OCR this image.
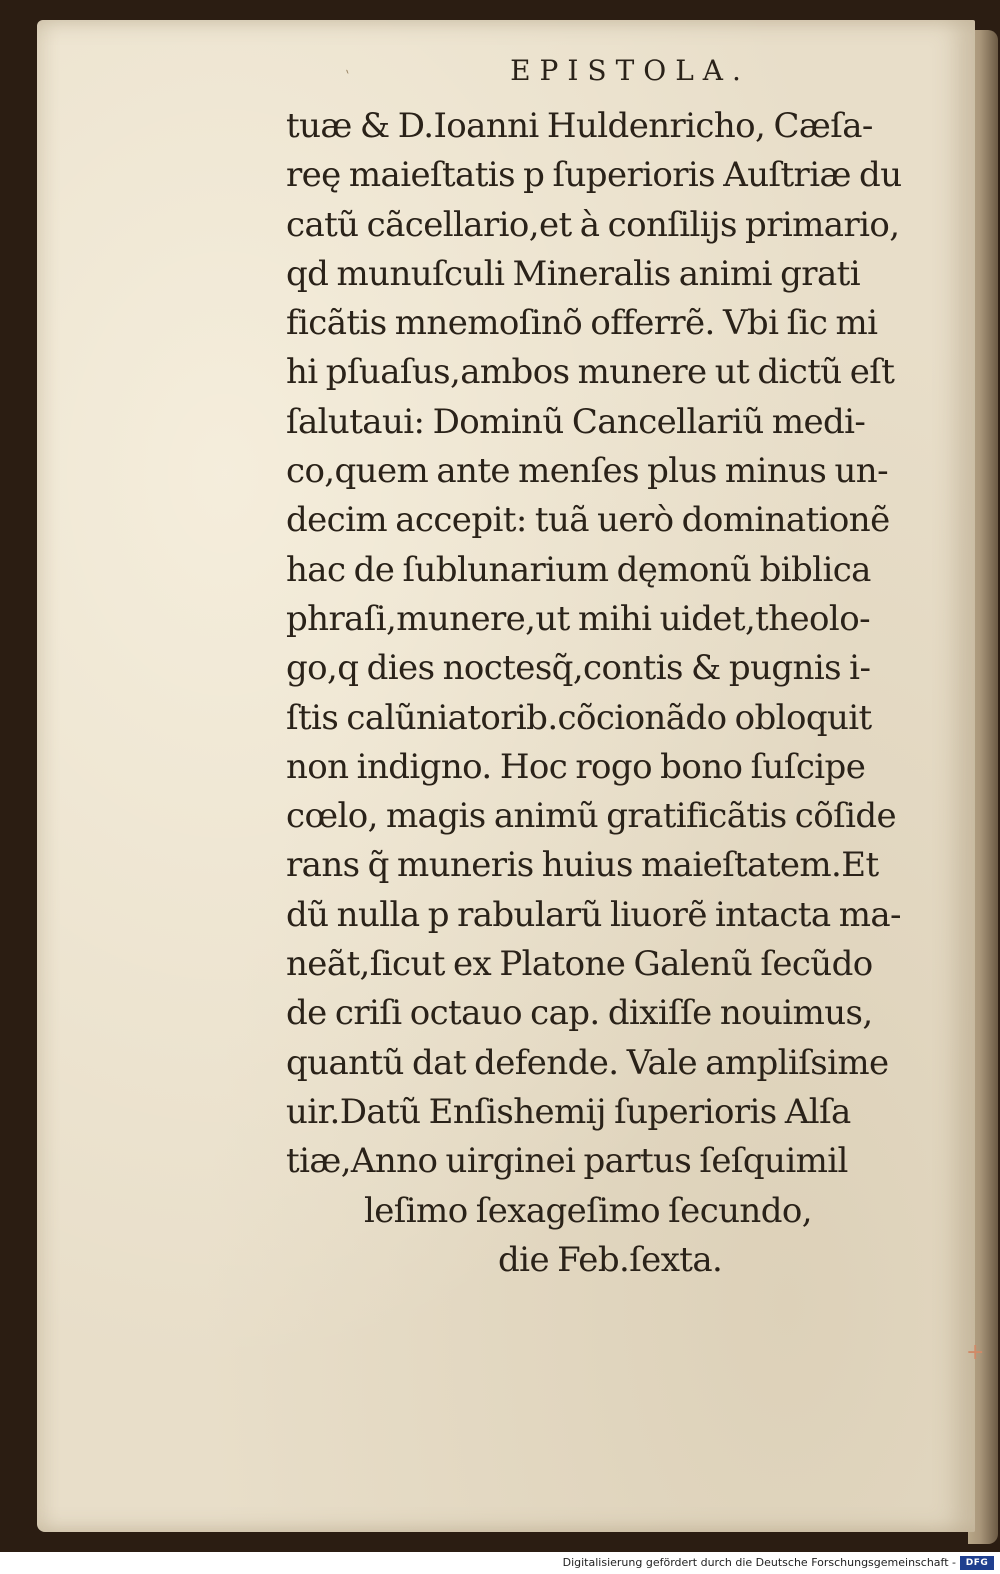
`
+
EPISTOLA.
tuæ & D.Ioanni Huldenricho, Cæſa-
reę maieſtatis p ſuperioris Auſtriæ du
catũ cãcellario,et à conſilijs primario,
qd munuſculi Mineralis animi grati
ficãtis mnemoſinõ offerrẽ. Vbi ſic mi
hi pſuaſus,ambos munere ut dictũ eſt
ſalutaui: Dominũ Cancellariũ medi-
co,quem ante menſes plus minus un-
decim accepit: tuã uerò dominationẽ
hac de ſublunarium dęmonũ biblica
phraſi,munere,ut mihi uidet,theolo-
go,q dies noctesq̃,contis & pugnis i-
ſtis calũniatorib.cõcionãdo obloquit
non indigno. Hoc rogo bono ſuſcipe
cœlo, magis animũ gratificãtis cõſide
rans q̃ muneris huius maieſtatem.Et
dũ nulla p rabularũ liuorẽ intacta ma-
neãt,ſicut ex Platone Galenũ ſecũdo
de criſi octauo cap. dixiſſe nouimus,
quantũ dat defende. Vale ampliſsime
uir.Datũ Enſishemij ſuperioris Alſa
tiæ,Anno uirginei partus ſeſquimil
leſimo ſexageſimo ſecundo,
die Feb.ſexta.
Digitalisierung gefördert durch die Deutsche Forschungsgemeinschaft -	DFG
